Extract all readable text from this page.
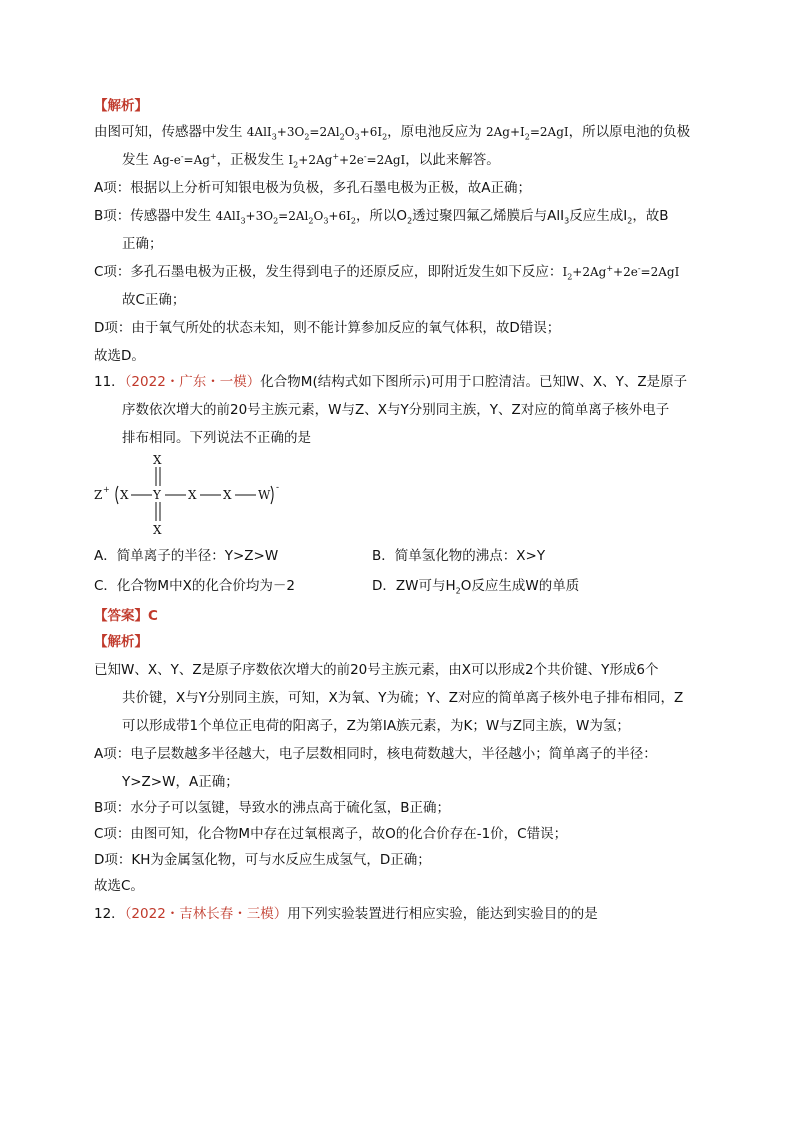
【解析】
由图可知，传感器中发生 $4AlI_3+3O_2=2Al_2O_3+6I_2$，原电池反应为 $2Ag+I_2=2AgI$，所以原电池的负极
发生 Ag-e-=Ag+，正极发生 $I_2+2Ag^++2e^-=2AgI$，以此来解答。
A项：根据以上分析可知银电极为负极，多孔石墨电极为正极，故A正确；
B项：传感器中发生 $4AlI_3+3O_2=2Al_2O_3+6I_2$，所以$O_2$透过聚四氟乙烯膜后与AlI$_3$反应生成$I_2$，故B
正确；
C项：多孔石墨电极为正极，发生得到电子的还原反应，即附近发生如下反应：$I_2+2Ag^++2e^-=2AgI$
故C正确；
D项：由于氧气所处的状态未知，则不能计算参加反应的氧气体积，故D错误；
故选D。
11．（2022・广东・一模）化合物M(结构式如下图所示)可用于口腔清洁。已知W、X、Y、Z是原子
序数依次增大的前20号主族元素，W与Z、X与Y分别同主族，Y、Z对应的简单离子核外电子
排布相同。下列说法不正确的是
Z + X Y
X
X
X X W -
A．简单离子的半径：Y>Z>W	B．简单氢化物的沸点：X>Y
C．化合物M中X的化合价均为－2	D．ZW可与$H_2O$反应生成W的单质
【答案】C
【解析】
已知W、X、Y、Z是原子序数依次增大的前20号主族元素，由X可以形成2个共价键、Y形成6个
共价键，X与Y分别同主族，可知，X为氧、Y为硫；Y、Z对应的简单离子核外电子排布相同，Z
可以形成带1个单位正电荷的阳离子，Z为第ⅠA族元素，为K；W与Z同主族，W为氢；
A项：电子层数越多半径越大，电子层数相同时，核电荷数越大，半径越小；简单离子的半径：
Y>Z>W，A正确；
B项：水分子可以氢键，导致水的沸点高于硫化氢，B正确；
C项：由图可知，化合物M中存在过氧根离子，故O的化合价存在-1价，C错误；
D项：KH为金属氢化物，可与水反应生成氢气，D正确；
故选C。
12．（2022・吉林长春・三模）用下列实验装置进行相应实验，能达到实验目的的是
